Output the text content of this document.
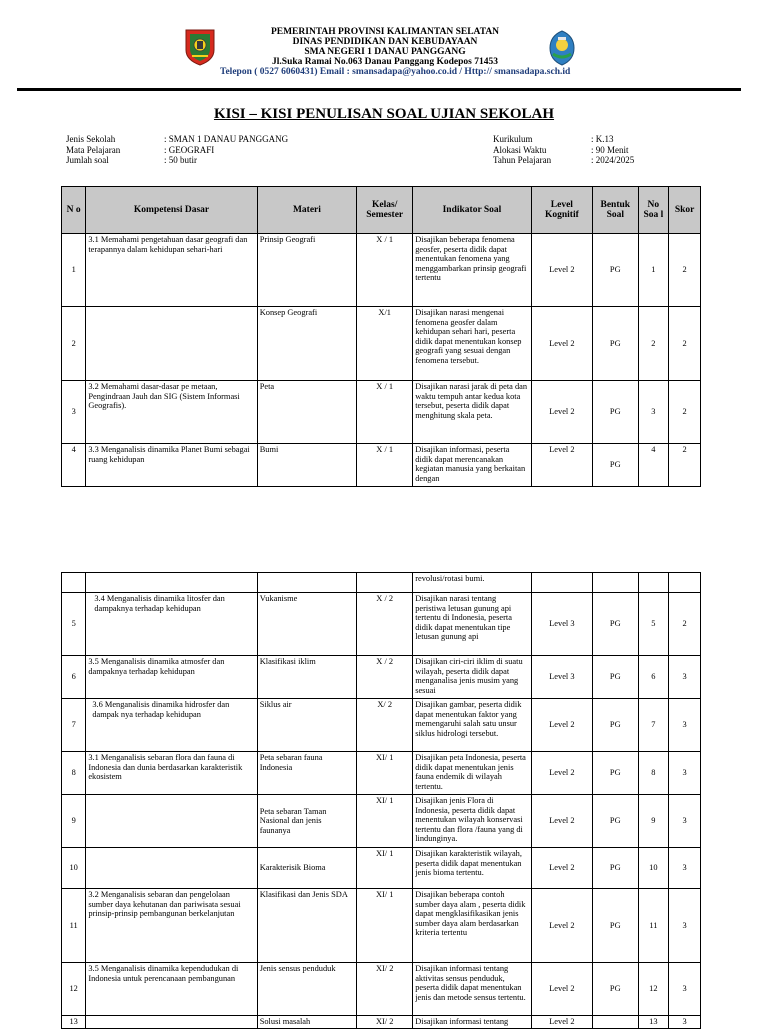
PEMERINTAH PROVINSI KALIMANTAN SELATAN
DINAS PENDIDIKAN DAN KEBUDAYAAN
SMA NEGERI 1 DANAU PANGGANG
Jl.Suka Ramai No.063 Danau Panggang Kodepos 71453
Telepon ( 0527 6060431) Email : smansadapa@yahoo.co.id / Http:// smansadapa.sch.id
KISI – KISI PENULISAN SOAL UJIAN SEKOLAH
Jenis Sekolah	: SMAN 1 DANAU PANGGANG
Mata Pelajaran	: GEOGRAFI
Jumlah soal	: 50 butir
Kurikulum	: K.13
Alokasi Waktu	: 90 Menit
Tahun Pelajaran	: 2024/2025
N o	Kompetensi Dasar	Materi	Kelas/ Semester	Indikator Soal	Level Kognitif	Bentuk Soal	No Soa l	Skor
1	3.1 Memahami pengetahuan dasar geografi dan terapannya dalam kehidupan sehari-hari	Prinsip Geografi	X / 1	Disajikan beberapa fenomena geosfer, peserta didik dapat menentukan fenomena yang menggambarkan prinsip geografi tertentu	Level 2	PG	1	2
2		Konsep Geografi	X/1	Disajikan narasi mengenai fenomena geosfer dalam kehidupan sehari hari, peserta didik dapat menentukan konsep geografi yang sesuai dengan fenomena tersebut.	Level 2	PG	2	2
3	3.2 Memahami dasar-dasar pe metaan, Pengindraan Jauh dan SIG (Sistem Informasi Geografis).	Peta	X / 1	Disajikan narasi jarak di peta dan waktu tempuh antar kedua kota tersebut, peserta didik dapat menghitung skala peta.	Level 2	PG	3	2
4	3.3 Menganalisis dinamika Planet Bumi sebagai ruang kehidupan	Bumi	X / 1	Disajikan informasi, peserta didik dapat merencanakan kegiatan manusia yang berkaitan dengan	Level 2	PG	4	2
				revolusi/rotasi bumi.				
5	3.4 Menganalisis dinamika litosfer dan dampaknya terhadap kehidupan	Vukanisme	X / 2	Disajikan narasi tentang peristiwa letusan gunung api tertentu di Indonesia, peserta didik dapat menentukan tipe letusan gunung api	Level 3	PG	5	2
6	3.5 Menganalisis dinamika atmosfer dan dampaknya terhadap kehidupan	Klasifikasi iklim	X / 2	Disajikan ciri-ciri iklim di suatu wilayah, peserta didik dapat menganalisa jenis musim yang sesuai	Level 3	PG	6	3
7	3.6 Menganalisis dinamika hidrosfer dan dampak nya terhadap kehidupan	Siklus air	X/ 2	Disajikan gambar, peserta didik dapat menentukan faktor yang memengaruhi salah satu unsur siklus hidrologi tersebut.	Level 2	PG	7	3
8	3.1 Menganalisis sebaran flora dan fauna di Indonesia dan dunia berdasarkan karakteristik ekosistem	Peta sebaran fauna Indonesia	XI/ 1	Disajikan peta Indonesia, peserta didik dapat menentukan jenis fauna endemik di wilayah tertentu.	Level 2	PG	8	3
9		Peta sebaran Taman Nasional dan jenis faunanya	XI/ 1	Disajikan jenis Flora di Indonesia, peserta didik dapat menentukan wilayah konservasi tertentu dan flora /fauna yang di lindunginya.	Level 2	PG	9	3
10		Karakterisik Bioma	XI/ 1	Disajikan karakteristik wilayah, peserta didik dapat menentukan jenis bioma tertentu.	Level 2	PG	10	3
11	3.2 Menganalisis sebaran dan pengelolaan sumber daya kehutanan dan pariwisata sesuai prinsip-prinsip pembangunan berkelanjutan	Klasifikasi dan Jenis SDA	XI/ 1	Disajikan beberapa contoh sumber daya alam , peserta didik dapat mengklasifikasikan jenis sumber daya alam berdasarkan kriteria tertentu	Level 2	PG	11	3
12	3.5 Menganalisis dinamika kependudukan di Indonesia untuk perencanaan pembangunan	Jenis sensus penduduk	XI/ 2	Disajikan informasi tentang aktivitas sensus penduduk, peserta didik dapat menentukan jenis dan metode sensus tertentu.	Level 2	PG	12	3
13		Solusi masalah	XI/ 2	Disajikan informasi tentang	Level 2		13	3
